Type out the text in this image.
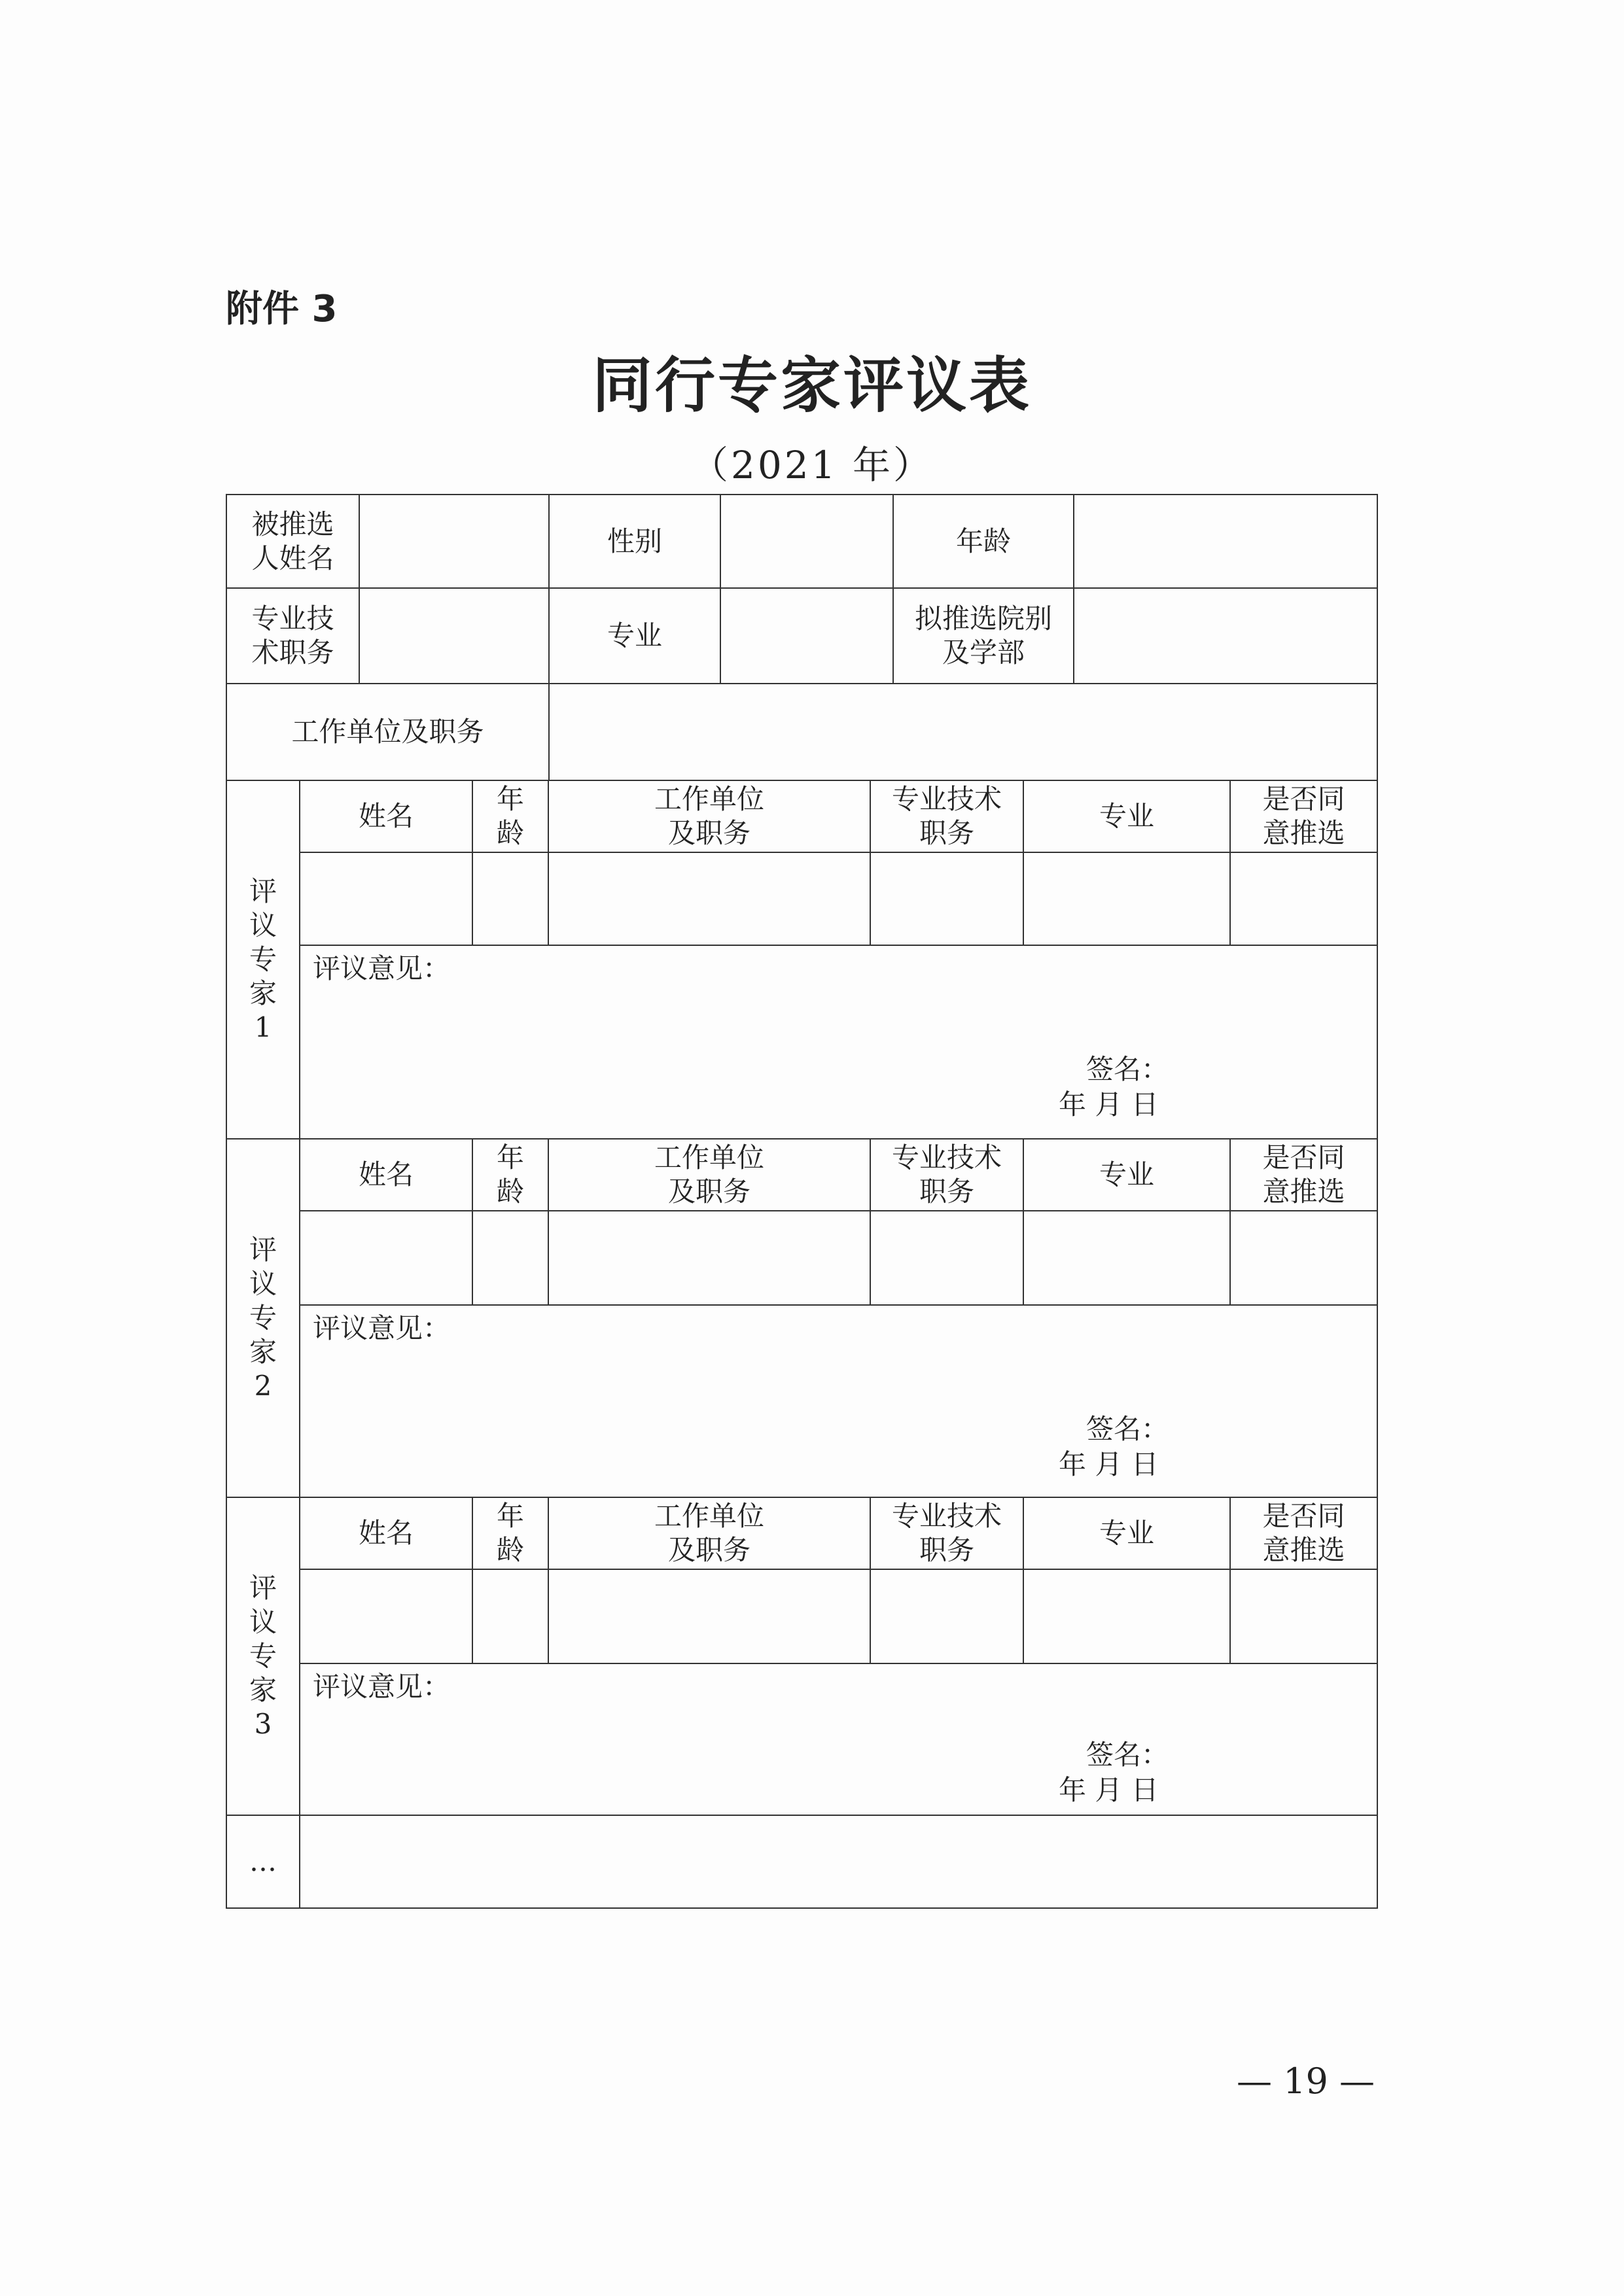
附件 3
同行专家评议表
（2021 年）
被推选
人姓名
性别	年龄
专业技
术职务
专业
拟推选院别
及学部
工作单位及职务
评
议
专
家
1
姓名
年
龄
工作单位
及职务
专业技术
职务
专业
是否同
意推选
评议意见：
签名：
年 月 日
评
议
专
家
2
姓名
年
龄
工作单位
及职务
专业技术
职务
专业
是否同
意推选
评议意见：
签名：
年 月 日
评
议
专
家
3
姓名
年
龄
工作单位
及职务
专业技术
职务
专业
是否同
意推选
评议意见：
签名：
年 月 日
…
— 19 —
